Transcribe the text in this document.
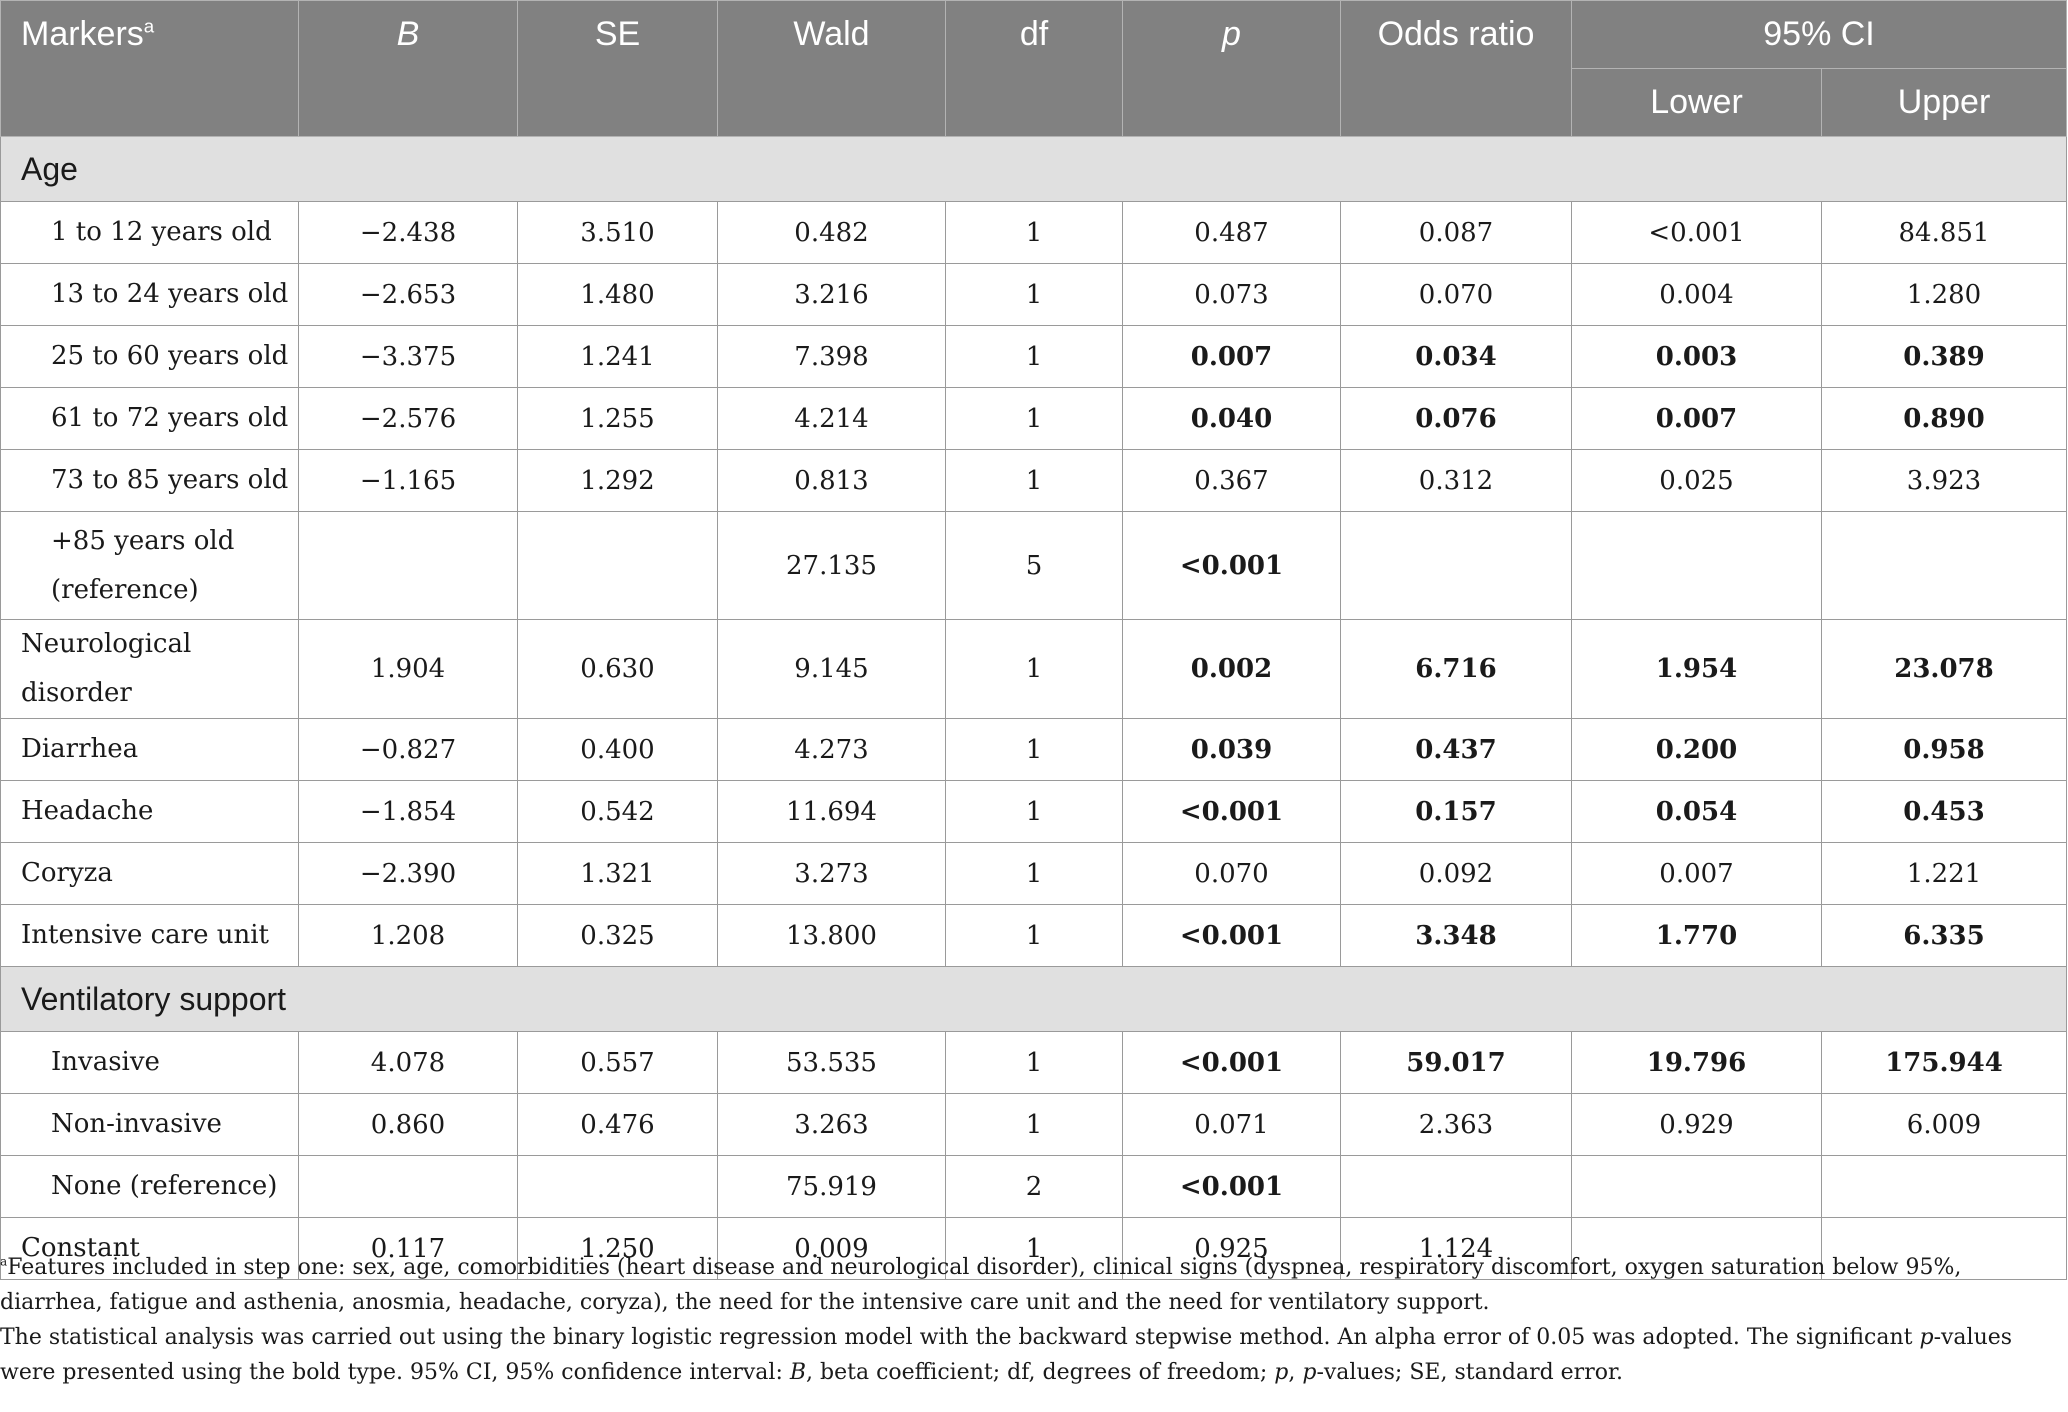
Markers$^a$	B	SE	Wald	df	p	Odds ratio	95% CI	
							Lower	Upper
Age								
1 to 12 years old	−2.438	3.510	0.482	1	0.487	0.087	<0.001	84.851
13 to 24 years old	−2.653	1.480	3.216	1	0.073	0.070	0.004	1.280
25 to 60 years old	−3.375	1.241	7.398	1	0.007	0.034	0.003	0.389
61 to 72 years old	−2.576	1.255	4.214	1	0.040	0.076	0.007	0.890
73 to 85 years old	−1.165	1.292	0.813	1	0.367	0.312	0.025	3.923
+85 years old
(reference)			27.135	5	<0.001			
Neurological disorder	1.904	0.630	9.145	1	0.002	6.716	1.954	23.078
Diarrhea	−0.827	0.400	4.273	1	0.039	0.437	0.200	0.958
Headache	−1.854	0.542	11.694	1	<0.001	0.157	0.054	0.453
Coryza	−2.390	1.321	3.273	1	0.070	0.092	0.007	1.221
Intensive care unit	1.208	0.325	13.800	1	<0.001	3.348	1.770	6.335
Ventilatory support								
Invasive	4.078	0.557	53.535	1	<0.001	59.017	19.796	175.944
Non-invasive	0.860	0.476	3.263	1	0.071	2.363	0.929	6.009
None (reference)			75.919	2	<0.001			
Constant	0.117	1.250	0.009	1	0.925	1.124		

$^a$Features included in step one: sex, age, comorbidities (heart disease and neurological disorder), clinical signs (dyspnea, respiratory discomfort, oxygen saturation below 95%, diarrhea, fatigue and asthenia, anosmia, headache, coryza), the need for the intensive care unit and the need for ventilatory support.

The statistical analysis was carried out using the binary logistic regression model with the backward stepwise method. An alpha error of 0.05 was adopted. The significant p-values were presented using the bold type. 95% CI, 95% confidence interval: B, beta coefficient; df, degrees of freedom; p, p-values; SE, standard error.
